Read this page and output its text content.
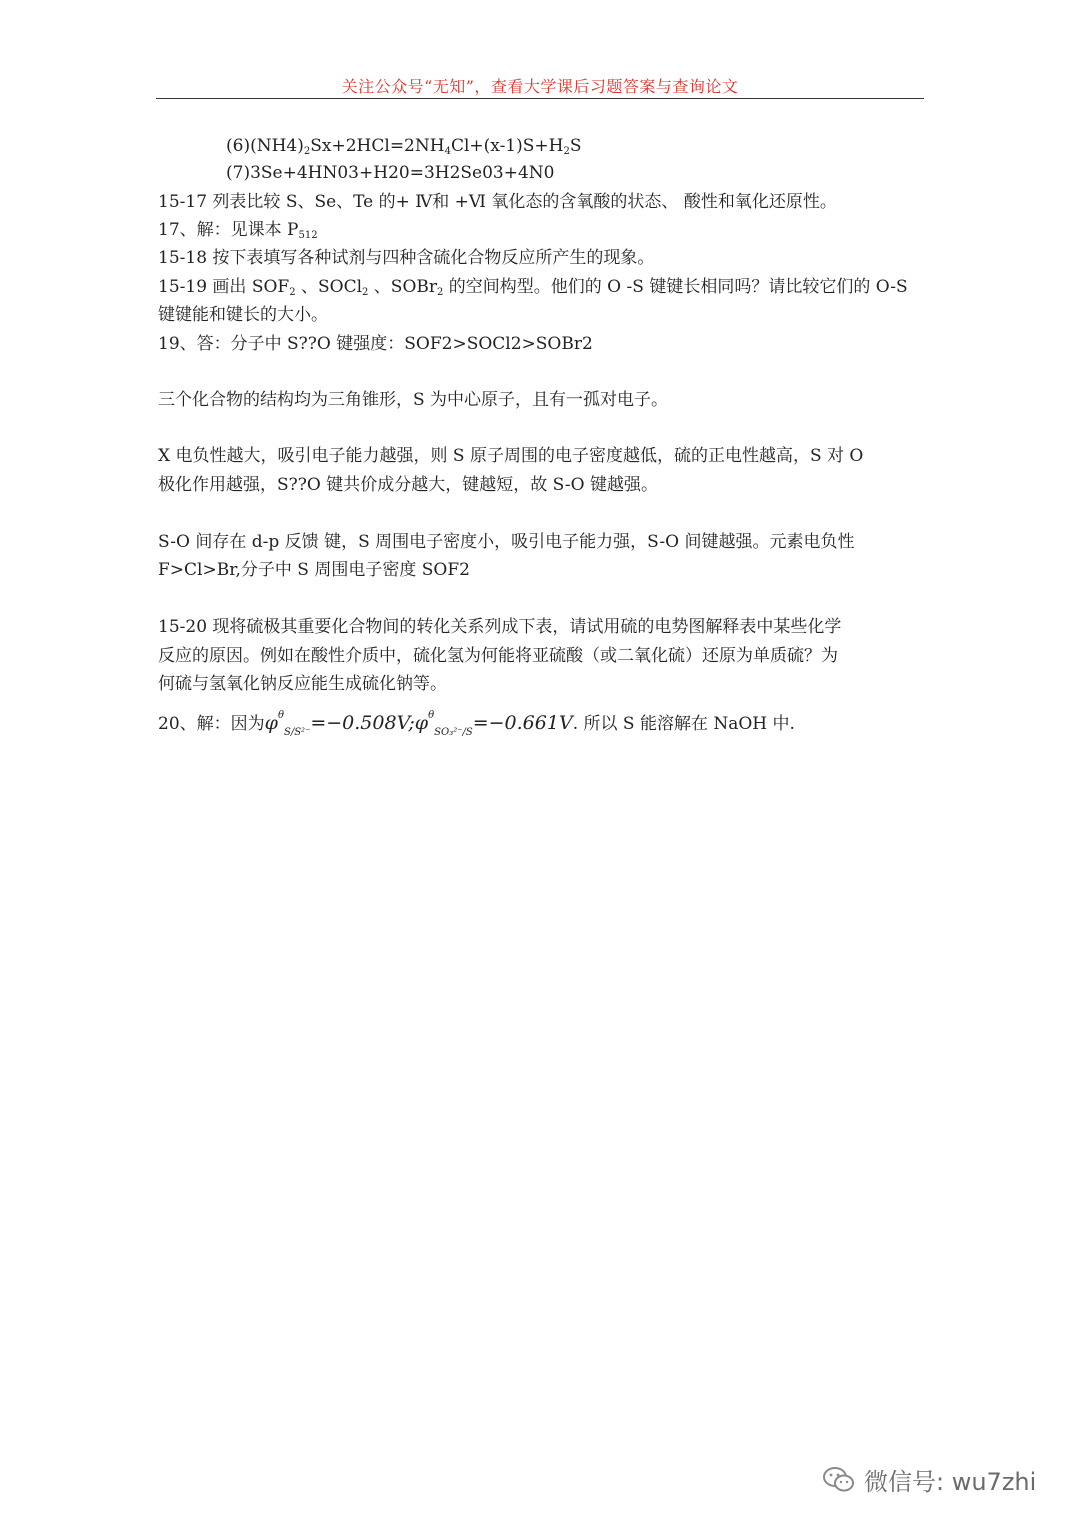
关注公众号“无知”，查看大学课后习题答案与查询论文
$(6)(NH4)_2Sx+2HCl=2NH_4Cl+(x-1)S+H_2S$
(7)3Se+4HN03+H20=3H2Se03+4N0
15-17 列表比较 S、Se、Te 的+ Ⅳ和 +Ⅵ 氧化态的含氧酸的状态、 酸性和氧化还原性。
17、解：见课本 $P_{512}$
15-18 按下表填写各种试剂与四种含硫化合物反应所产生的现象。
15-19 画出 $SOF_2$ 、SOCl$_2$ 、SOBr$_2$ 的空间构型。他们的 O -S 键键长相同吗？请比较它们的 O-S
键键能和键长的大小。
19、答：分子中 S??O 键强度：SOF2>SOCl2>SOBr2
三个化合物的结构均为三角锥形，S 为中心原子，且有一孤对电子。
X 电负性越大，吸引电子能力越强，则 S 原子周围的电子密度越低，硫的正电性越高，S 对 O
极化作用越强，S??O 键共价成分越大，键越短，故 S-O 键越强。
S-O 间存在 d-p 反馈 键，S 周围电子密度小，吸引电子能力强，S-O 间键越强。元素电负性
F>Cl>Br,分子中 S 周围电子密度 SOF2
15-20 现将硫极其重要化合物间的转化关系列成下表，请试用硫的电势图解释表中某些化学
反应的原因。例如在酸性介质中，硫化氢为何能将亚硫酸（或二氧化硫）还原为单质硫？为
何硫与氢氧化钠反应能生成硫化钠等。
20、解：因为$\varphi^\theta_{S/S^{2-}}=-0.508V;\varphi^\theta_{SO_3^{2-}/S}=-0.661V$. 所以 S 能溶解在 NaOH 中.
微信号: wu7zhi
